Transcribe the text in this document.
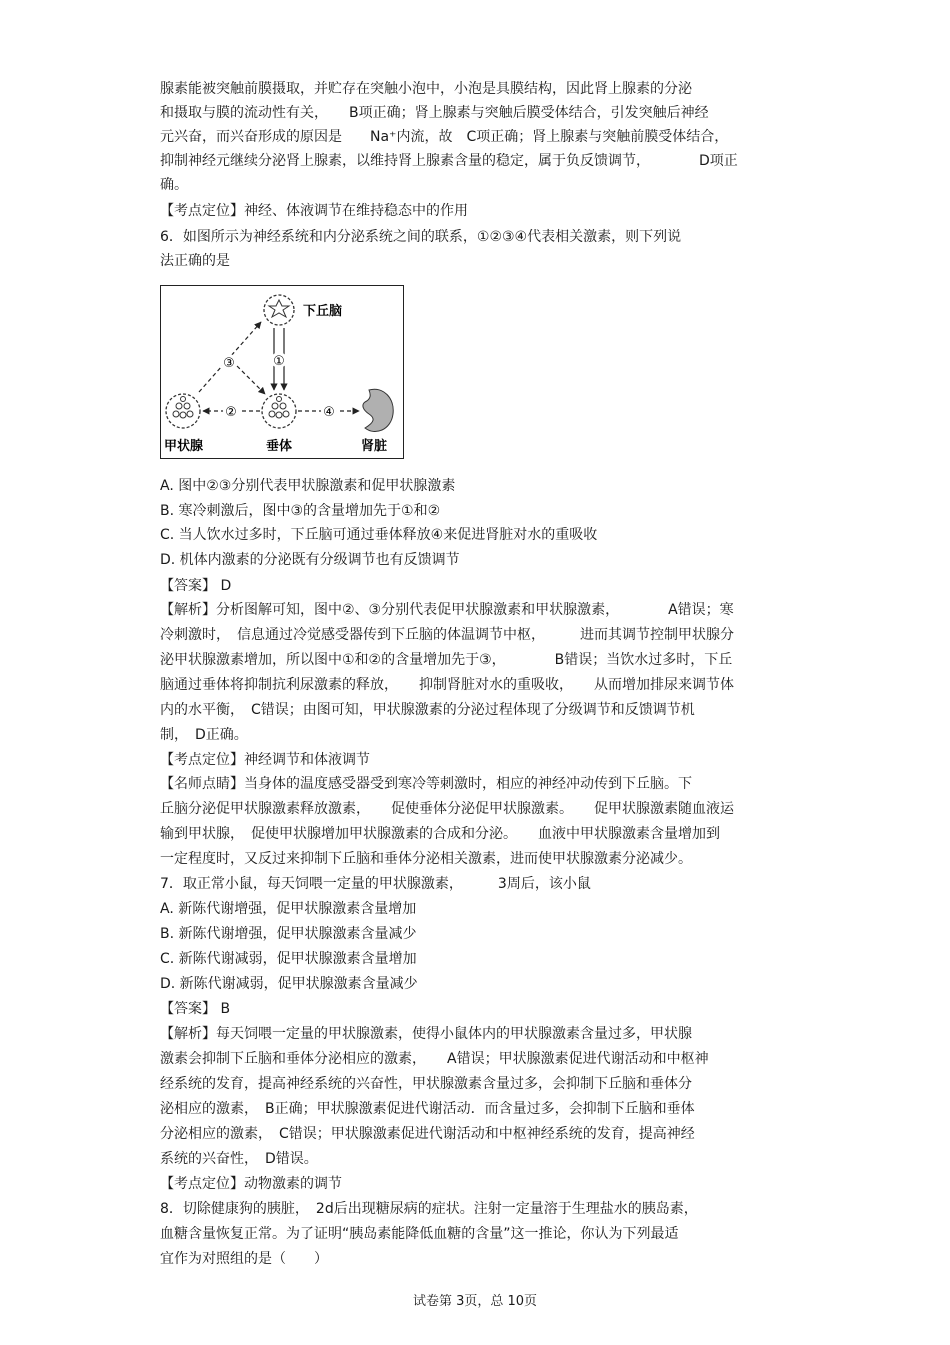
腺素能被突触前膜摄取，并贮存在突触小泡中，小泡是具膜结构，因此肾上腺素的分泌
和摄取与膜的流动性有关，　　B项正确；肾上腺素与突触后膜受体结合，引发突触后神经
元兴奋，而兴奋形成的原因是　　Na⁺内流，故　C项正确；肾上腺素与突触前膜受体结合，
抑制神经元继续分泌肾上腺素，以维持肾上腺素含量的稳定，属于负反馈调节，　　　　D项正
确。
【考点定位】神经、体液调节在维持稳态中的作用
6．如图所示为神经系统和内分泌系统之间的联系，①②③④代表相关激素，则下列说
法正确的是
①
③
②	④
下丘脑
甲状腺	垂体	肾脏
A. 图中②③分别代表甲状腺激素和促甲状腺激素
B. 寒冷刺激后，图中③的含量增加先于①和②
C. 当人饮水过多时，下丘脑可通过垂体释放④来促进肾脏对水的重吸收
D. 机体内激素的分泌既有分级调节也有反馈调节
【答案】 D
【解析】分析图解可知，图中②、③分别代表促甲状腺激素和甲状腺激素，　　　　A错误；寒
冷刺激时，　信息通过冷觉感受器传到下丘脑的体温调节中枢，　　　进而其调节控制甲状腺分
泌甲状腺激素增加，所以图中①和②的含量增加先于③，　　　　B错误；当饮水过多时，下丘
脑通过垂体将抑制抗利尿激素的释放，　　抑制肾脏对水的重吸收，　　从而增加排尿来调节体
内的水平衡，　C错误；由图可知，甲状腺激素的分泌过程体现了分级调节和反馈调节机
制，　D正确。
【考点定位】神经调节和体液调节
【名师点睛】当身体的温度感受器受到寒冷等刺激时，相应的神经冲动传到下丘脑。下
丘脑分泌促甲状腺激素释放激素，　　促使垂体分泌促甲状腺激素。　　促甲状腺激素随血液运
输到甲状腺，　促使甲状腺增加甲状腺激素的合成和分泌。　　血液中甲状腺激素含量增加到
一定程度时，又反过来抑制下丘脑和垂体分泌相关激素，进而使甲状腺激素分泌减少。
7．取正常小鼠，每天饲喂一定量的甲状腺激素，　　　3周后，该小鼠
A. 新陈代谢增强，促甲状腺激素含量增加
B. 新陈代谢增强，促甲状腺激素含量减少
C. 新陈代谢减弱，促甲状腺激素含量增加
D. 新陈代谢减弱，促甲状腺激素含量减少
【答案】 B
【解析】每天饲喂一定量的甲状腺激素，使得小鼠体内的甲状腺激素含量过多，甲状腺
激素会抑制下丘脑和垂体分泌相应的激素，　　A错误；甲状腺激素促进代谢活动和中枢神
经系统的发育，提高神经系统的兴奋性，甲状腺激素含量过多，会抑制下丘脑和垂体分
泌相应的激素，　B正确；甲状腺激素促进代谢活动．而含量过多，会抑制下丘脑和垂体
分泌相应的激素，　C错误；甲状腺激素促进代谢活动和中枢神经系统的发育，提高神经
系统的兴奋性，　D错误。
【考点定位】动物激素的调节
8．切除健康狗的胰脏，　2d后出现糖尿病的症状。注射一定量溶于生理盐水的胰岛素，
血糖含量恢复正常。为了证明“胰岛素能降低血糖的含量”这一推论，你认为下列最适
宜作为对照组的是（　　）
试卷第 3页，总 10页
